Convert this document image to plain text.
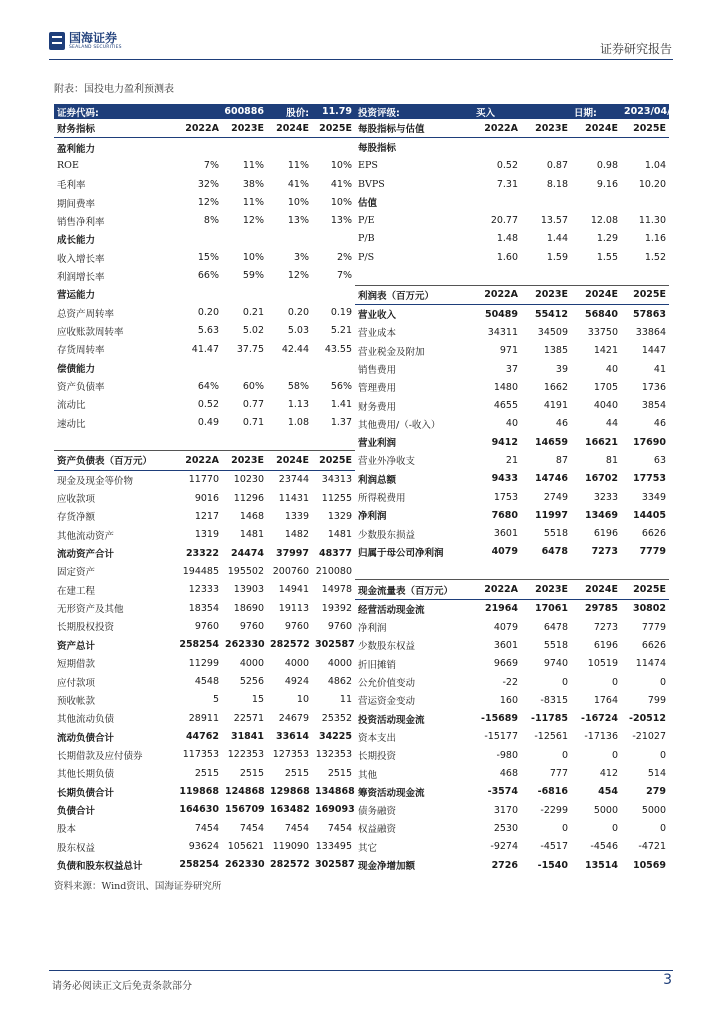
国海证券
SEALAND SECURITIES	证券研究报告
附表：国投电力盈利预测表
证券代码:	600886		股价:	11.79
财务指标	2022A	2023E	2024E	2025E
盈利能力				
ROE	7%	11%	11%	10%
毛利率	32%	38%	41%	41%
期间费率	12%	11%	10%	10%
销售净利率	8%	12%	13%	13%
成长能力				
收入增长率	15%	10%	3%	2%
利润增长率	66%	59%	12%	7%
营运能力				
总资产周转率	0.20	0.21	0.20	0.19
应收账款周转率	5.63	5.02	5.03	5.21
存货周转率	41.47	37.75	42.44	43.55
偿债能力				
资产负债率	64%	60%	58%	56%
流动比	0.52	0.77	1.13	1.41
速动比	0.49	0.71	1.08	1.37

资产负债表（百万元）	2022A	2023E	2024E	2025E
现金及现金等价物	11770	10230	23744	34313
应收款项	9016	11296	11431	11255
存货净额	1217	1468	1339	1329
其他流动资产	1319	1481	1482	1481
流动资产合计	23322	24474	37997	48377
固定资产	194485	195502	200760	210080
在建工程	12333	13903	14941	14978
无形资产及其他	18354	18690	19113	19392
长期股权投资	9760	9760	9760	9760
资产总计	258254	262330	282572	302587
短期借款	11299	4000	4000	4000
应付款项	4548	5256	4924	4862
预收帐款	5	15	10	11
其他流动负债	28911	22571	24679	25352
流动负债合计	44762	31841	33614	34225
长期借款及应付债券	117353	122353	127353	132353
其他长期负债	2515	2515	2515	2515
长期负债合计	119868	124868	129868	134868
负债合计	164630	156709	163482	169093
股本	7454	7454	7454	7454
股东权益	93624	105621	119090	133495
负债和股东权益总计	258254	262330	282572	302587
投资评级:	买入		日期:	2023/04/28
每股指标与估值	2022A	2023E	2024E	2025E
每股指标				
EPS	0.52	0.87	0.98	1.04
BVPS	7.31	8.18	9.16	10.20
估值				
P/E	20.77	13.57	12.08	11.30
P/B	1.48	1.44	1.29	1.16
P/S	1.60	1.59	1.55	1.52

利润表（百万元）	2022A	2023E	2024E	2025E
营业收入	50489	55412	56840	57863
营业成本	34311	34509	33750	33864
营业税金及附加	971	1385	1421	1447
销售费用	37	39	40	41
管理费用	1480	1662	1705	1736
财务费用	4655	4191	4040	3854
其他费用/（-收入）	40	46	44	46
营业利润	9412	14659	16621	17690
营业外净收支	21	87	81	63
利润总额	9433	14746	16702	17753
所得税费用	1753	2749	3233	3349
净利润	7680	11997	13469	14405
少数股东损益	3601	5518	6196	6626
归属于母公司净利润	4079	6478	7273	7779

现金流量表（百万元）	2022A	2023E	2024E	2025E
经营活动现金流	21964	17061	29785	30802
净利润	4079	6478	7273	7779
少数股东权益	3601	5518	6196	6626
折旧摊销	9669	9740	10519	11474
公允价值变动	-22	0	0	0
营运资金变动	160	-8315	1764	799
投资活动现金流	-15689	-11785	-16724	-20512
资本支出	-15177	-12561	-17136	-21027
长期投资	-980	0	0	0
其他	468	777	412	514
筹资活动现金流	-3574	-6816	454	279
债务融资	3170	-2299	5000	5000
权益融资	2530	0	0	0
其它	-9274	-4517	-4546	-4721
现金净增加额	2726	-1540	13514	10569
资料来源：Wind资讯、国海证券研究所
请务必阅读正文后免责条款部分	3
